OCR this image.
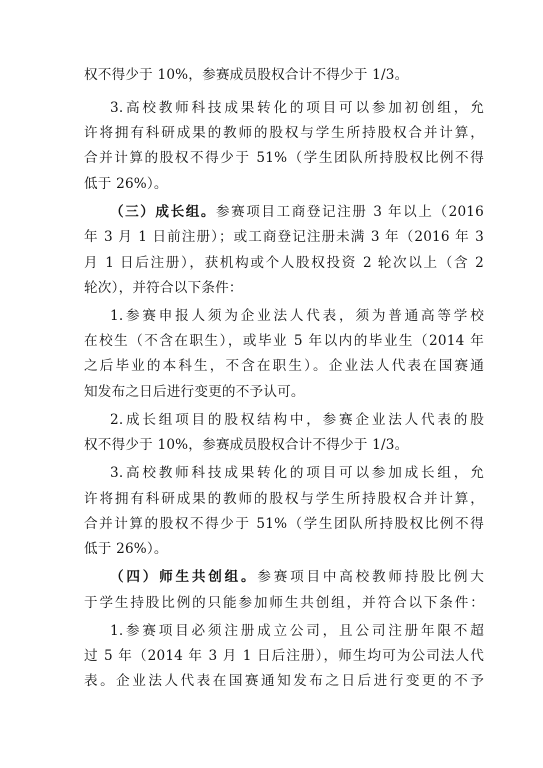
权不得少于 10%，参赛成员股权合计不得少于 1/3。
3.高校教师科技成果转化的项目可以参加初创组，允
许将拥有科研成果的教师的股权与学生所持股权合并计算，
合并计算的股权不得少于 51%（学生团队所持股权比例不得
低于 26%）。
（三）成长组。参赛项目工商登记注册 3 年以上（2016
年 3 月 1 日前注册）；或工商登记注册未满 3 年（2016 年 3
月 1 日后注册），获机构或个人股权投资 2 轮次以上（含 2
轮次），并符合以下条件：
1.参赛申报人须为企业法人代表，须为普通高等学校
在校生（不含在职生），或毕业 5 年以内的毕业生（2014 年
之后毕业的本科生，不含在职生）。企业法人代表在国赛通
知发布之日后进行变更的不予认可。
2.成长组项目的股权结构中，参赛企业法人代表的股
权不得少于 10%，参赛成员股权合计不得少于 1/3。
3.高校教师科技成果转化的项目可以参加成长组，允
许将拥有科研成果的教师的股权与学生所持股权合并计算，
合并计算的股权不得少于 51%（学生团队所持股权比例不得
低于 26%）。
（四）师生共创组。参赛项目中高校教师持股比例大
于学生持股比例的只能参加师生共创组，并符合以下条件：
1.参赛项目必须注册成立公司，且公司注册年限不超
过 5 年（2014 年 3 月 1 日后注册），师生均可为公司法人代
表。企业法人代表在国赛通知发布之日后进行变更的不予
